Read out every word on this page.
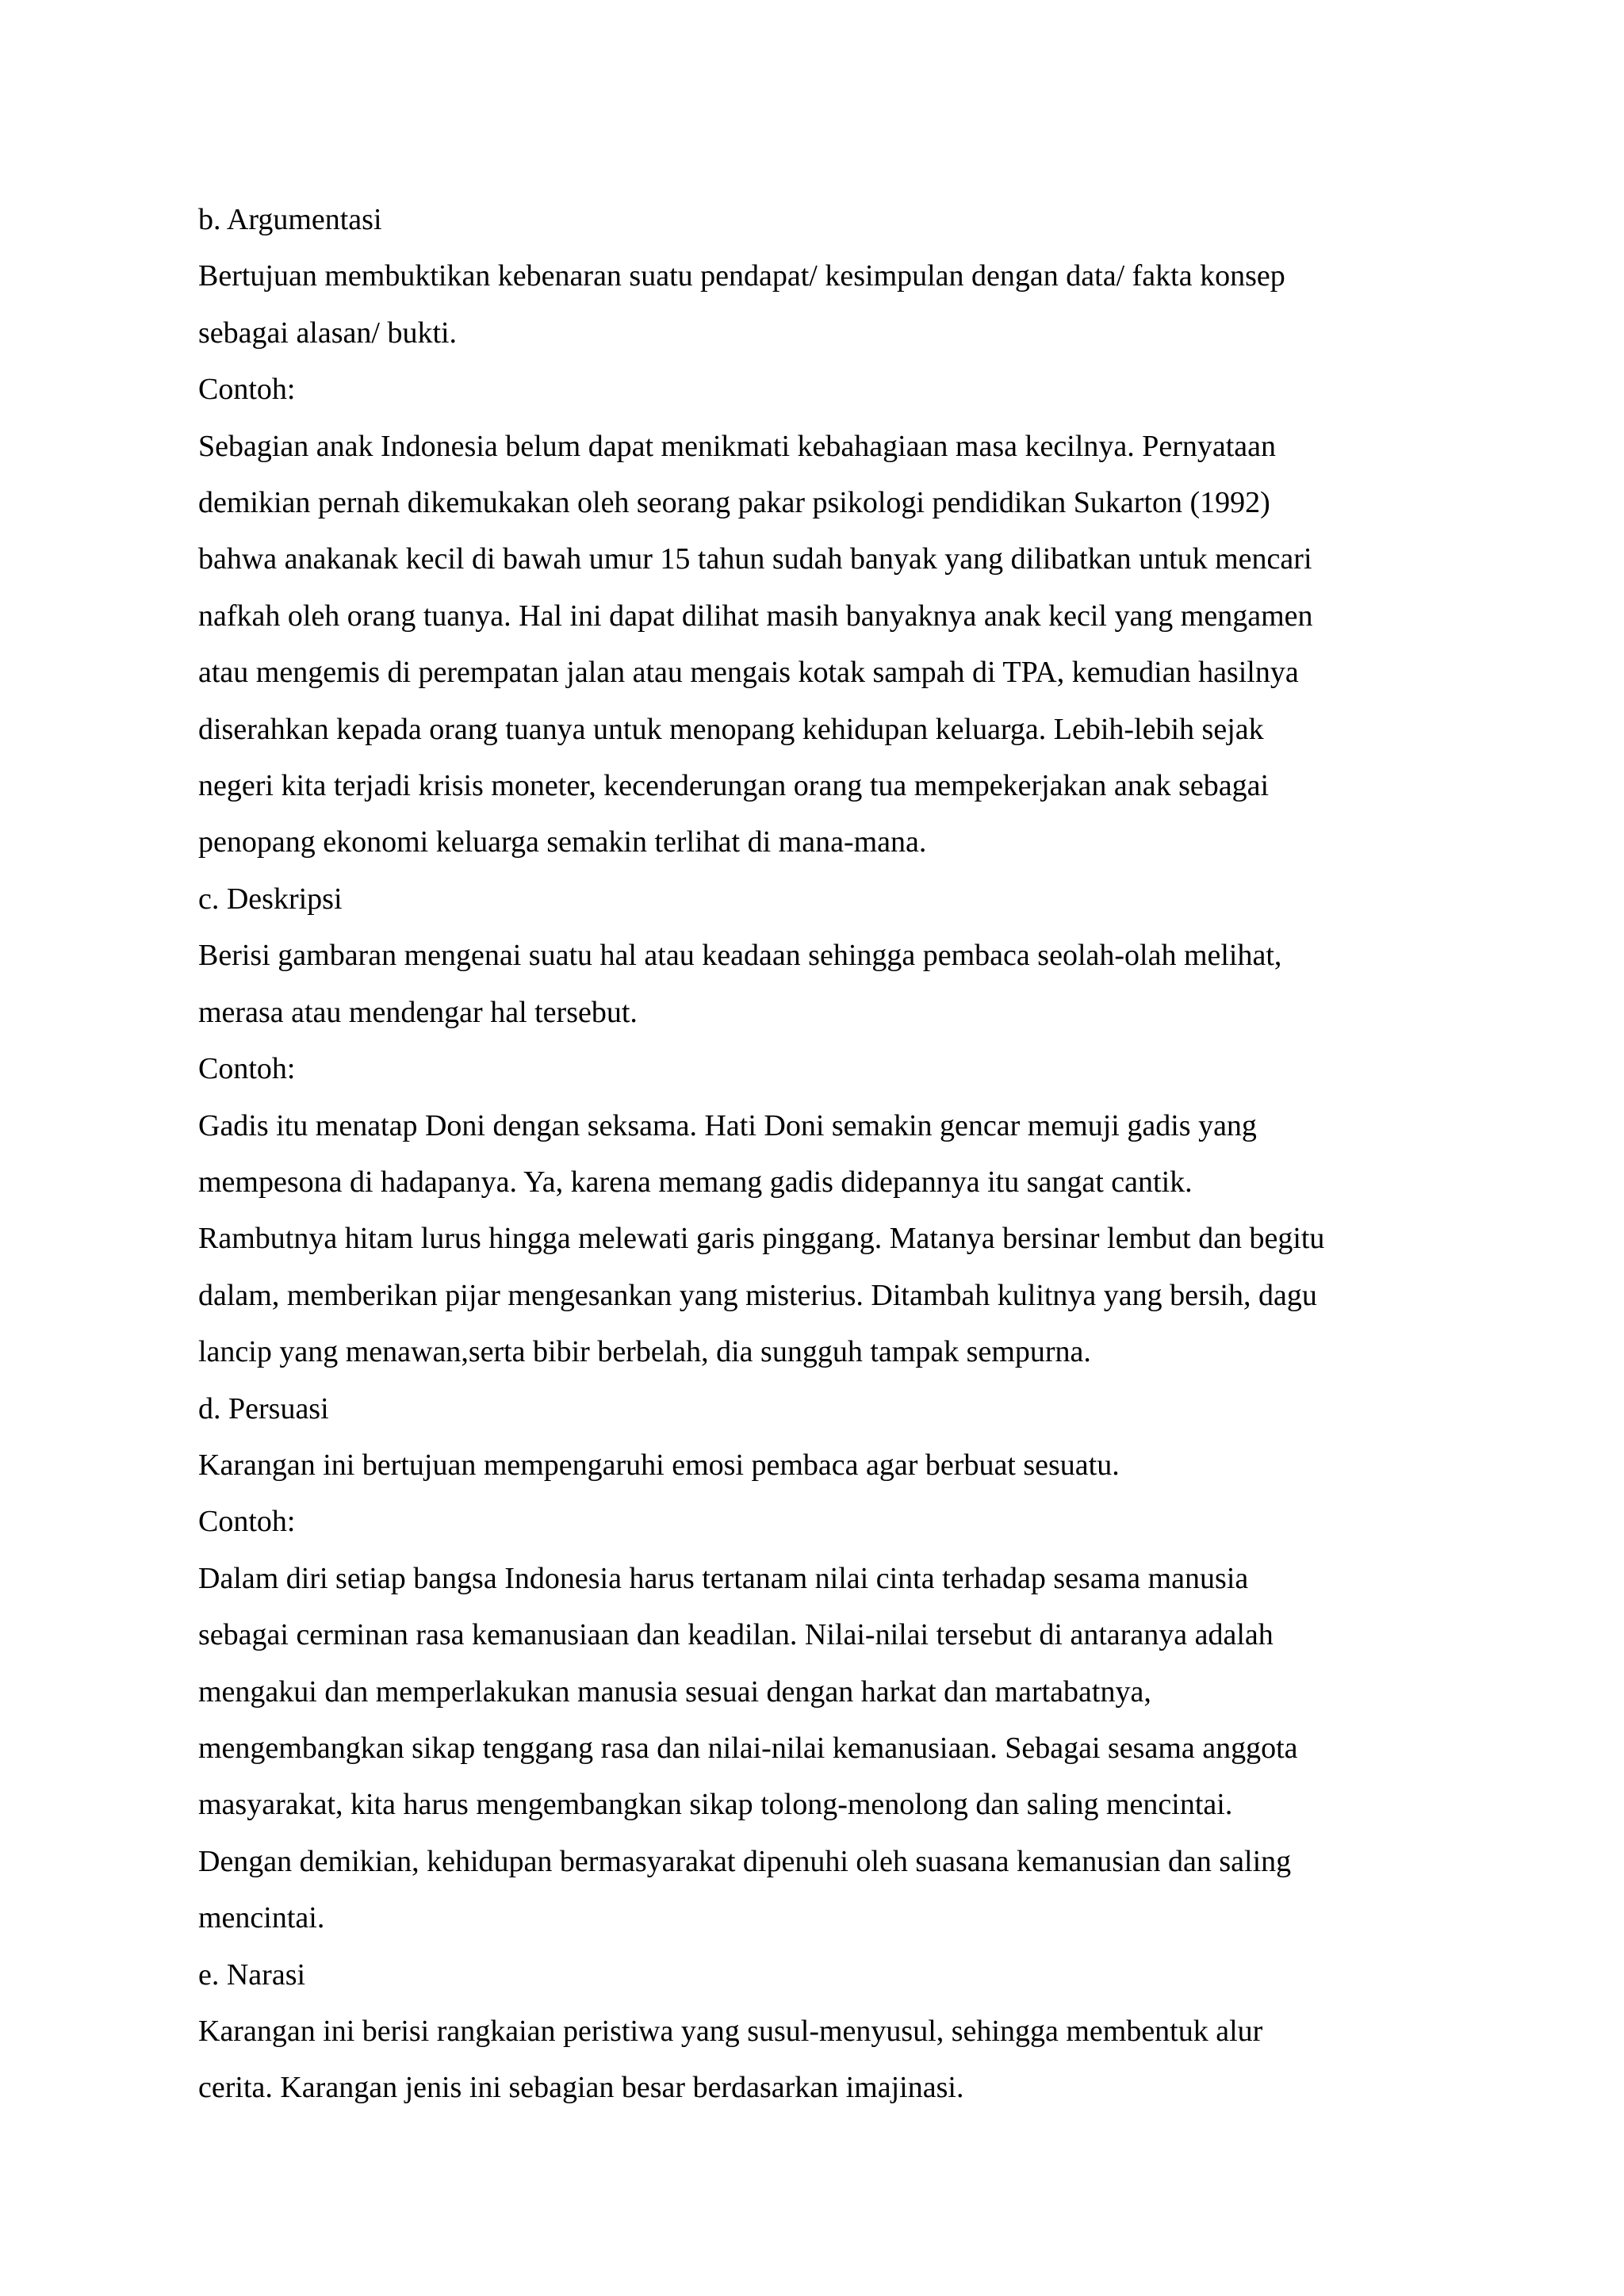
b. Argumentasi
Bertujuan membuktikan kebenaran suatu pendapat/ kesimpulan dengan data/ fakta konsep
sebagai alasan/ bukti.
Contoh:
Sebagian anak Indonesia belum dapat menikmati kebahagiaan masa kecilnya. Pernyataan
demikian pernah dikemukakan oleh seorang pakar psikologi pendidikan Sukarton (1992)
bahwa anakanak kecil di bawah umur 15 tahun sudah banyak yang dilibatkan untuk mencari
nafkah oleh orang tuanya. Hal ini dapat dilihat masih banyaknya anak kecil yang mengamen
atau mengemis di perempatan jalan atau mengais kotak sampah di TPA, kemudian hasilnya
diserahkan kepada orang tuanya untuk menopang kehidupan keluarga. Lebih-lebih sejak
negeri kita terjadi krisis moneter, kecenderungan orang tua mempekerjakan anak sebagai
penopang ekonomi keluarga semakin terlihat di mana-mana.
c. Deskripsi
Berisi gambaran mengenai suatu hal atau keadaan sehingga pembaca seolah-olah melihat,
merasa atau mendengar hal tersebut.
Contoh:
Gadis itu menatap Doni dengan seksama. Hati Doni semakin gencar memuji gadis yang
mempesona di hadapanya. Ya, karena memang gadis didepannya itu sangat cantik.
Rambutnya hitam lurus hingga melewati garis pinggang. Matanya bersinar lembut dan begitu
dalam, memberikan pijar mengesankan yang misterius. Ditambah kulitnya yang bersih, dagu
lancip yang menawan,serta bibir berbelah, dia sungguh tampak sempurna.
d. Persuasi
Karangan ini bertujuan mempengaruhi emosi pembaca agar berbuat sesuatu.
Contoh:
Dalam diri setiap bangsa Indonesia harus tertanam nilai cinta terhadap sesama manusia
sebagai cerminan rasa kemanusiaan dan keadilan. Nilai-nilai tersebut di antaranya adalah
mengakui dan memperlakukan manusia sesuai dengan harkat dan martabatnya,
mengembangkan sikap tenggang rasa dan nilai-nilai kemanusiaan. Sebagai sesama anggota
masyarakat, kita harus mengembangkan sikap tolong-menolong dan saling mencintai.
Dengan demikian, kehidupan bermasyarakat dipenuhi oleh suasana kemanusian dan saling
mencintai.
e. Narasi
Karangan ini berisi rangkaian peristiwa yang susul-menyusul, sehingga membentuk alur
cerita. Karangan jenis ini sebagian besar berdasarkan imajinasi.
